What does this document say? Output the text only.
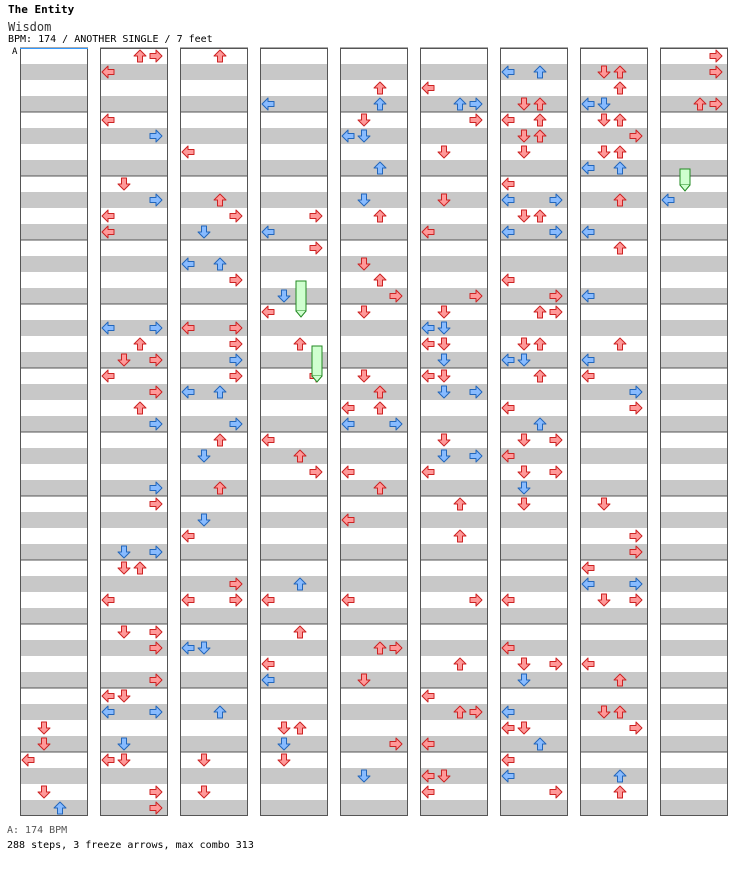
The Entity
Wisdom
BPM: 174 / ANOTHER SINGLE / 7 feet
A
A: 174 BPM
288 steps, 3 freeze arrows, max combo 313
